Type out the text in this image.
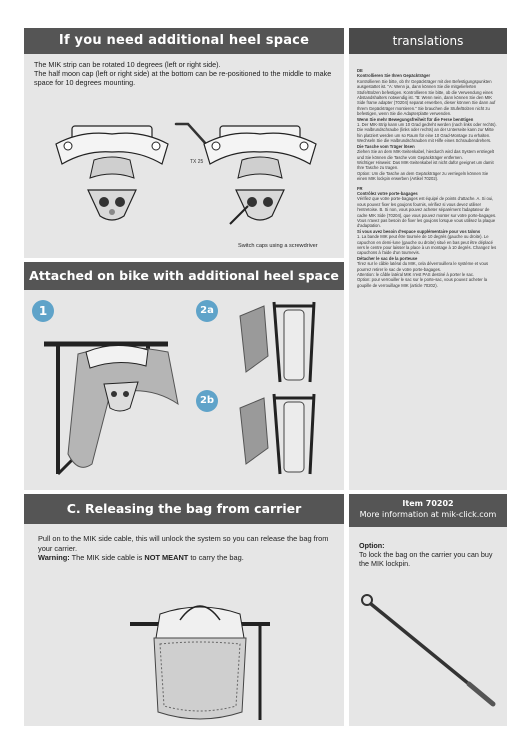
If you need additional heel space

The MIK strip can be rotated 10 degrees (left or right side).

The half moon cap (left or right side) at the bottom can be re-positioned to the middle to make space for 10 degrees mounting.

TX 25
Switch caps using a screwdriver
translations
DE
Kontrollieren Sie Ihren Gepäckträger

Kontrollieren Sie bitte, ob Ihr Gepäckträger mit den Befestigungspunkten ausgestattet ist. "A: Wenn ja, dann können Sie die mitgelieferten Stufe/Bolzen befestigen. Kontrollieren Sie bitte, ob die Verwendung eines Abstandshalters notwendig ist. "B: Wenn nein, dann können Sie den MIK Side frame adapter (70204) separat erwerben, dieser können Sie dann auf Ihrem Gepäckträger montieren." Sie brauchen die Stufe/Bolzen nicht zu befestigen, wenn Sie die Adapterplatte verwenden.

Wenn Sie mehr Bewegungsfreiheit für die Ferse benötigen

1. Der MIK-Strip kann um 10 Grad gedreht werden (nach links oder rechts). Die Halbrundschraube (links oder rechts) an der Unterseite kann zur Mitte hin platziert werden um so Raum für eine 10 Grad-Montage zu erhalten. Wechseln Sie die Halbrundschrauben mit Hilfe eines Schraubendrehers.

Die Tasche vom Träger lösen

Ziehen Sie an dem MIK-Seitenkabel, hierdurch wird das System entriegelt und Sie können die Tasche vom Gepäckträger entfernen.

Wichtiger Hinweis: Das MIK-Seitenkabel ist nicht dafür geeignet um damit Ihre Tasche zu tragen.

Option: Um die Tasche an dem Gepäckträger zu verriegeln können Sie einen MIK lockpin erwerben (Artikel 70202).

FR
Contrôlez votre porte-bagages

Vérifiez que votre porte-bagages est équipé de points d'attache. A. Si oui, vous pouvez fixer les goujons fournis, vérifiez si vous devez utiliser l'entretoise. B. Si non, vous pouvez acheter séparément l'adaptateur de cadre MIK Side (70204), que vous pouvez monter sur votre porte-bagages. Vous n'avez pas besoin de fixer les goujons lorsque vous utilisez la plaque d'adaptation.

Si vous avez besoin d'espace supplémentaire pour vos talons

1. La bande MIK peut être tournée de 10 degrés (gauche ou droite). Le capuchon en demi-lune (gauche ou droite) situé en bas peut être déplacé vers le centre pour laisser la place à un montage à 10 degrés. Changez les capuchons à l'aide d'un tournevis.

Détacher le sac de la porteuse

Tirez sur le câble latéral du MIK, cela déverrouillera le système et vous pourrez retirer le sac de votre porte-bagages.

Attention: le câble latéral MIK n'est PAS destiné à porter le sac.

Option: pour verrouiller le sac sur le porte-sac, vous pouvez acheter la goupille de verrouillage MIK (article 70202).

Attached on bike with additional heel space
1	2a
2b
C. Releasing the bag from carrier

Pull on to the MIK side cable, this will unlock the system so you can release the bag from your carrier.

Warning: The MIK side cable is NOT MEANT to carry the bag.

Item 70202
More information at mik-click.com
Option:

To lock the bag on the carrier you can buy the MIK lockpin.
